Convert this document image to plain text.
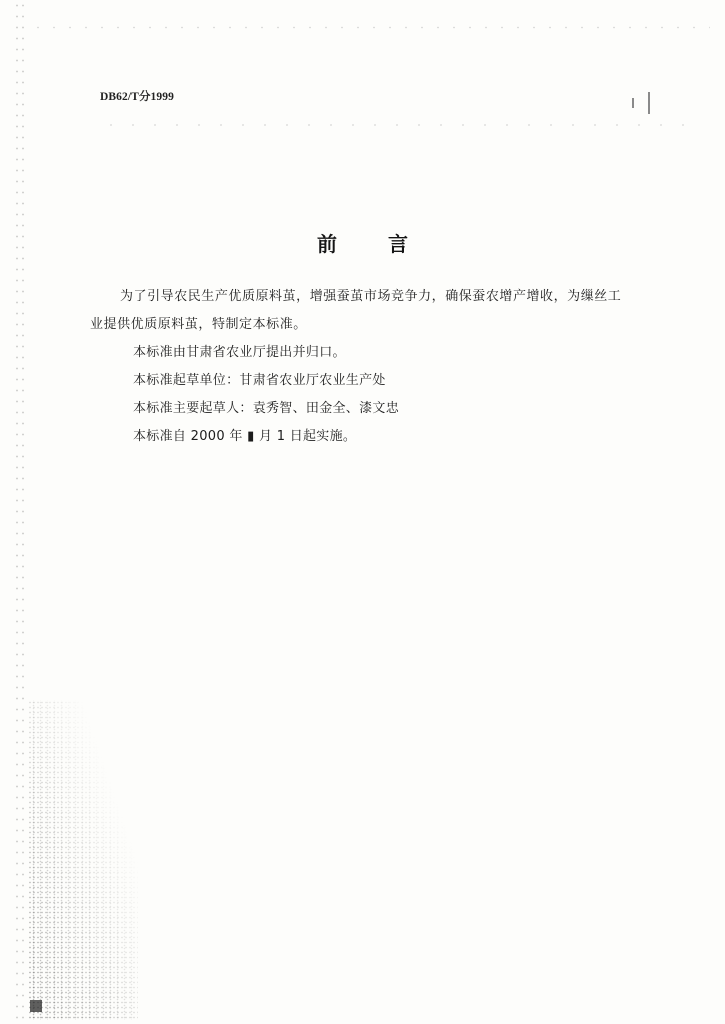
DB62/T分1999
前 言

为了引导农民生产优质原料茧，增强蚕茧市场竞争力，确保蚕农增产增收，为缫丝工业提供优质原料茧，特制定本标准。

本标准由甘肃省农业厅提出并归口。

本标准起草单位：甘肃省农业厅农业生产处

本标准主要起草人：袁秀智、田金全、漆文忠

本标准自 2000 年 ▮ 月 1 日起实施。
